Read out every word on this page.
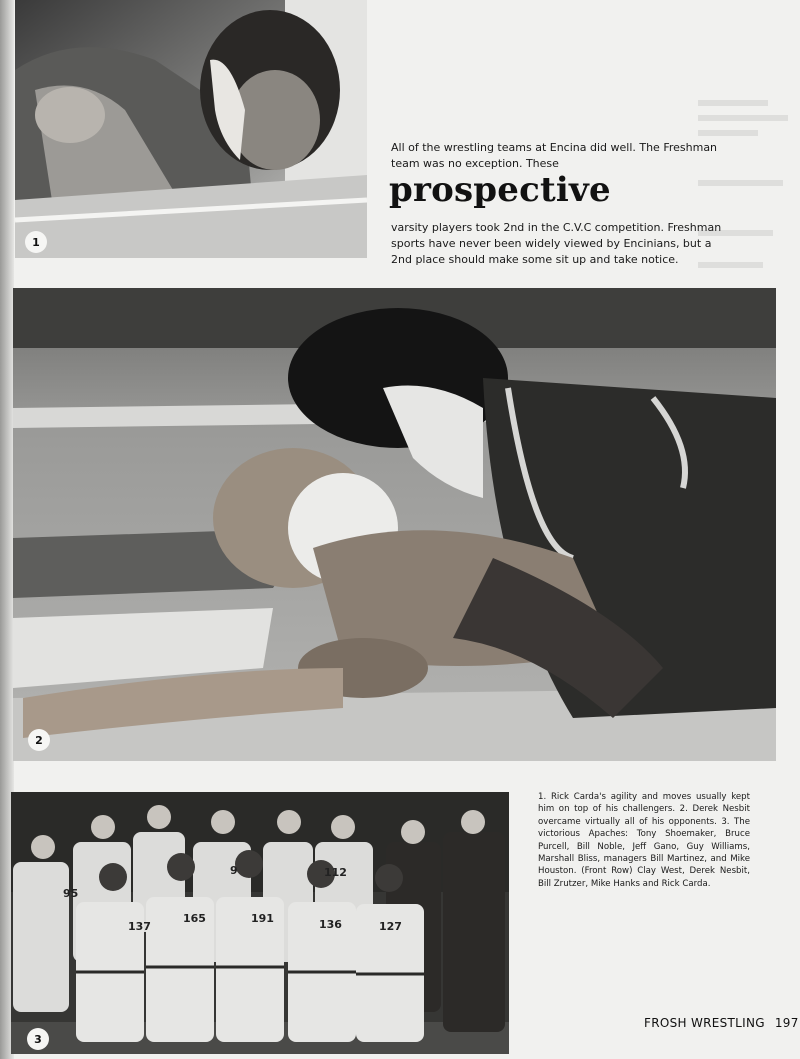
1
All of the wrestling teams at Encina did well. The Freshman team was no exception. These
prospective
varsity players took 2nd in the C.V.C competition. Freshman sports have never been widely viewed by Encinians, but a 2nd place should make some sit up and take notice.
2
95
9	112
137
165	191	136	127
165
3
1. Rick Carda's agility and moves usually kept him on top of his challengers. 2. Derek Nesbit overcame virtually all of his opponents. 3. The victorious Apaches: Tony Shoemaker, Bruce Purcell, Bill Noble, Jeff Gano, Guy Williams, Marshall Bliss, managers Bill Martinez, and Mike Houston. (Front Row) Clay West, Derek Nesbit, Bill Zrutzer, Mike Hanks and Rick Carda.
FROSH WRESTLING 197
